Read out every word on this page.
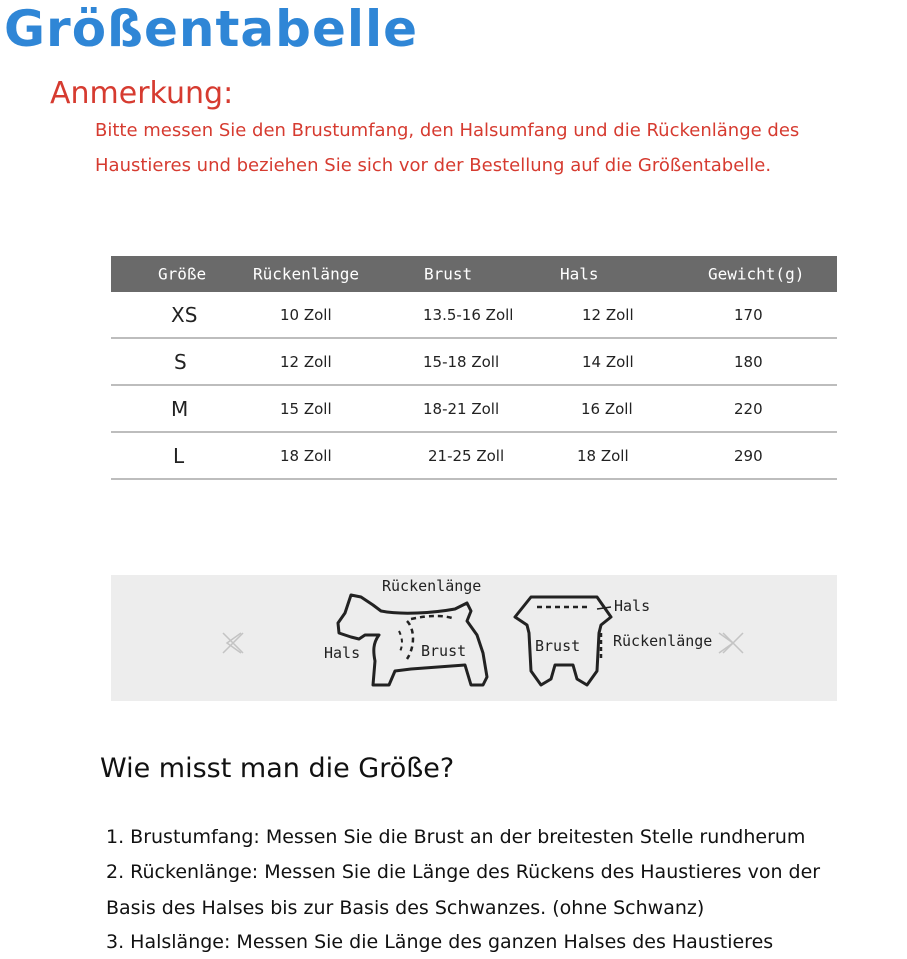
Größentabelle
Anmerkung:
Bitte messen Sie den Brustumfang, den Halsumfang und die Rückenlänge des
Haustieres und beziehen Sie sich vor der Bestellung auf die Größentabelle.
Größe	Rückenlänge	Brust	Hals	Gewicht(g)
XS	10 Zoll	13.5-16 Zoll	12 Zoll	170
S	12 Zoll	15-18 Zoll	14 Zoll	180
M	15 Zoll	18-21 Zoll	16 Zoll	220
L	18 Zoll	21-25 Zoll	18 Zoll	290
Rückenlänge
Hals	Brust
Hals
Brust Rückenlänge
Wie misst man die Größe?
1. Brustumfang: Messen Sie die Brust an der breitesten Stelle rundherum
2. Rückenlänge: Messen Sie die Länge des Rückens des Haustieres von der
Basis des Halses bis zur Basis des Schwanzes. (ohne Schwanz)
3. Halslänge: Messen Sie die Länge des ganzen Halses des Haustieres
